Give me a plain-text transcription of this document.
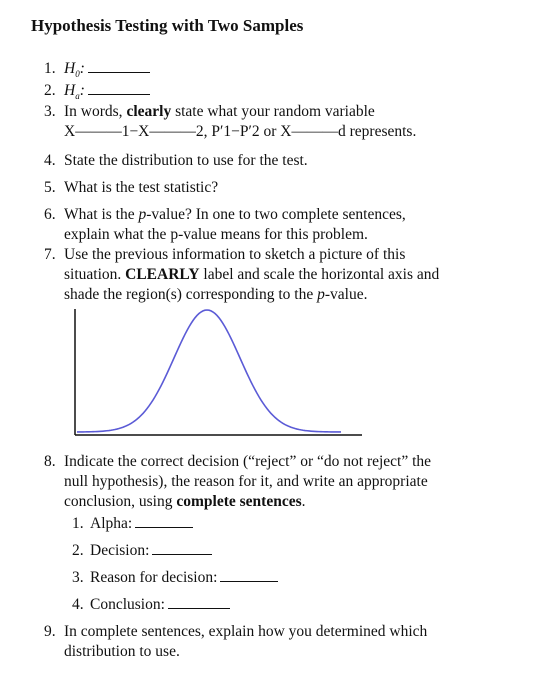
Hypothesis Testing with Two Samples
1. $H_0$:
2. $H_a$:
3. In words, clearly state what your random variable
X———1−X———2, P′1−P′2 or X———d represents.
4. State the distribution to use for the test.
5. What is the test statistic?
6. What is the p-value? In one to two complete sentences,
explain what the p-value means for this problem.
7. Use the previous information to sketch a picture of this
situation. CLEARLY label and scale the horizontal axis and
shade the region(s) corresponding to the p-value.
8. Indicate the correct decision (“reject” or “do not reject” the
null hypothesis), the reason for it, and write an appropriate
conclusion, using complete sentences.
1. Alpha:
2. Decision:
3. Reason for decision:
4. Conclusion:
9. In complete sentences, explain how you determined which
distribution to use.
